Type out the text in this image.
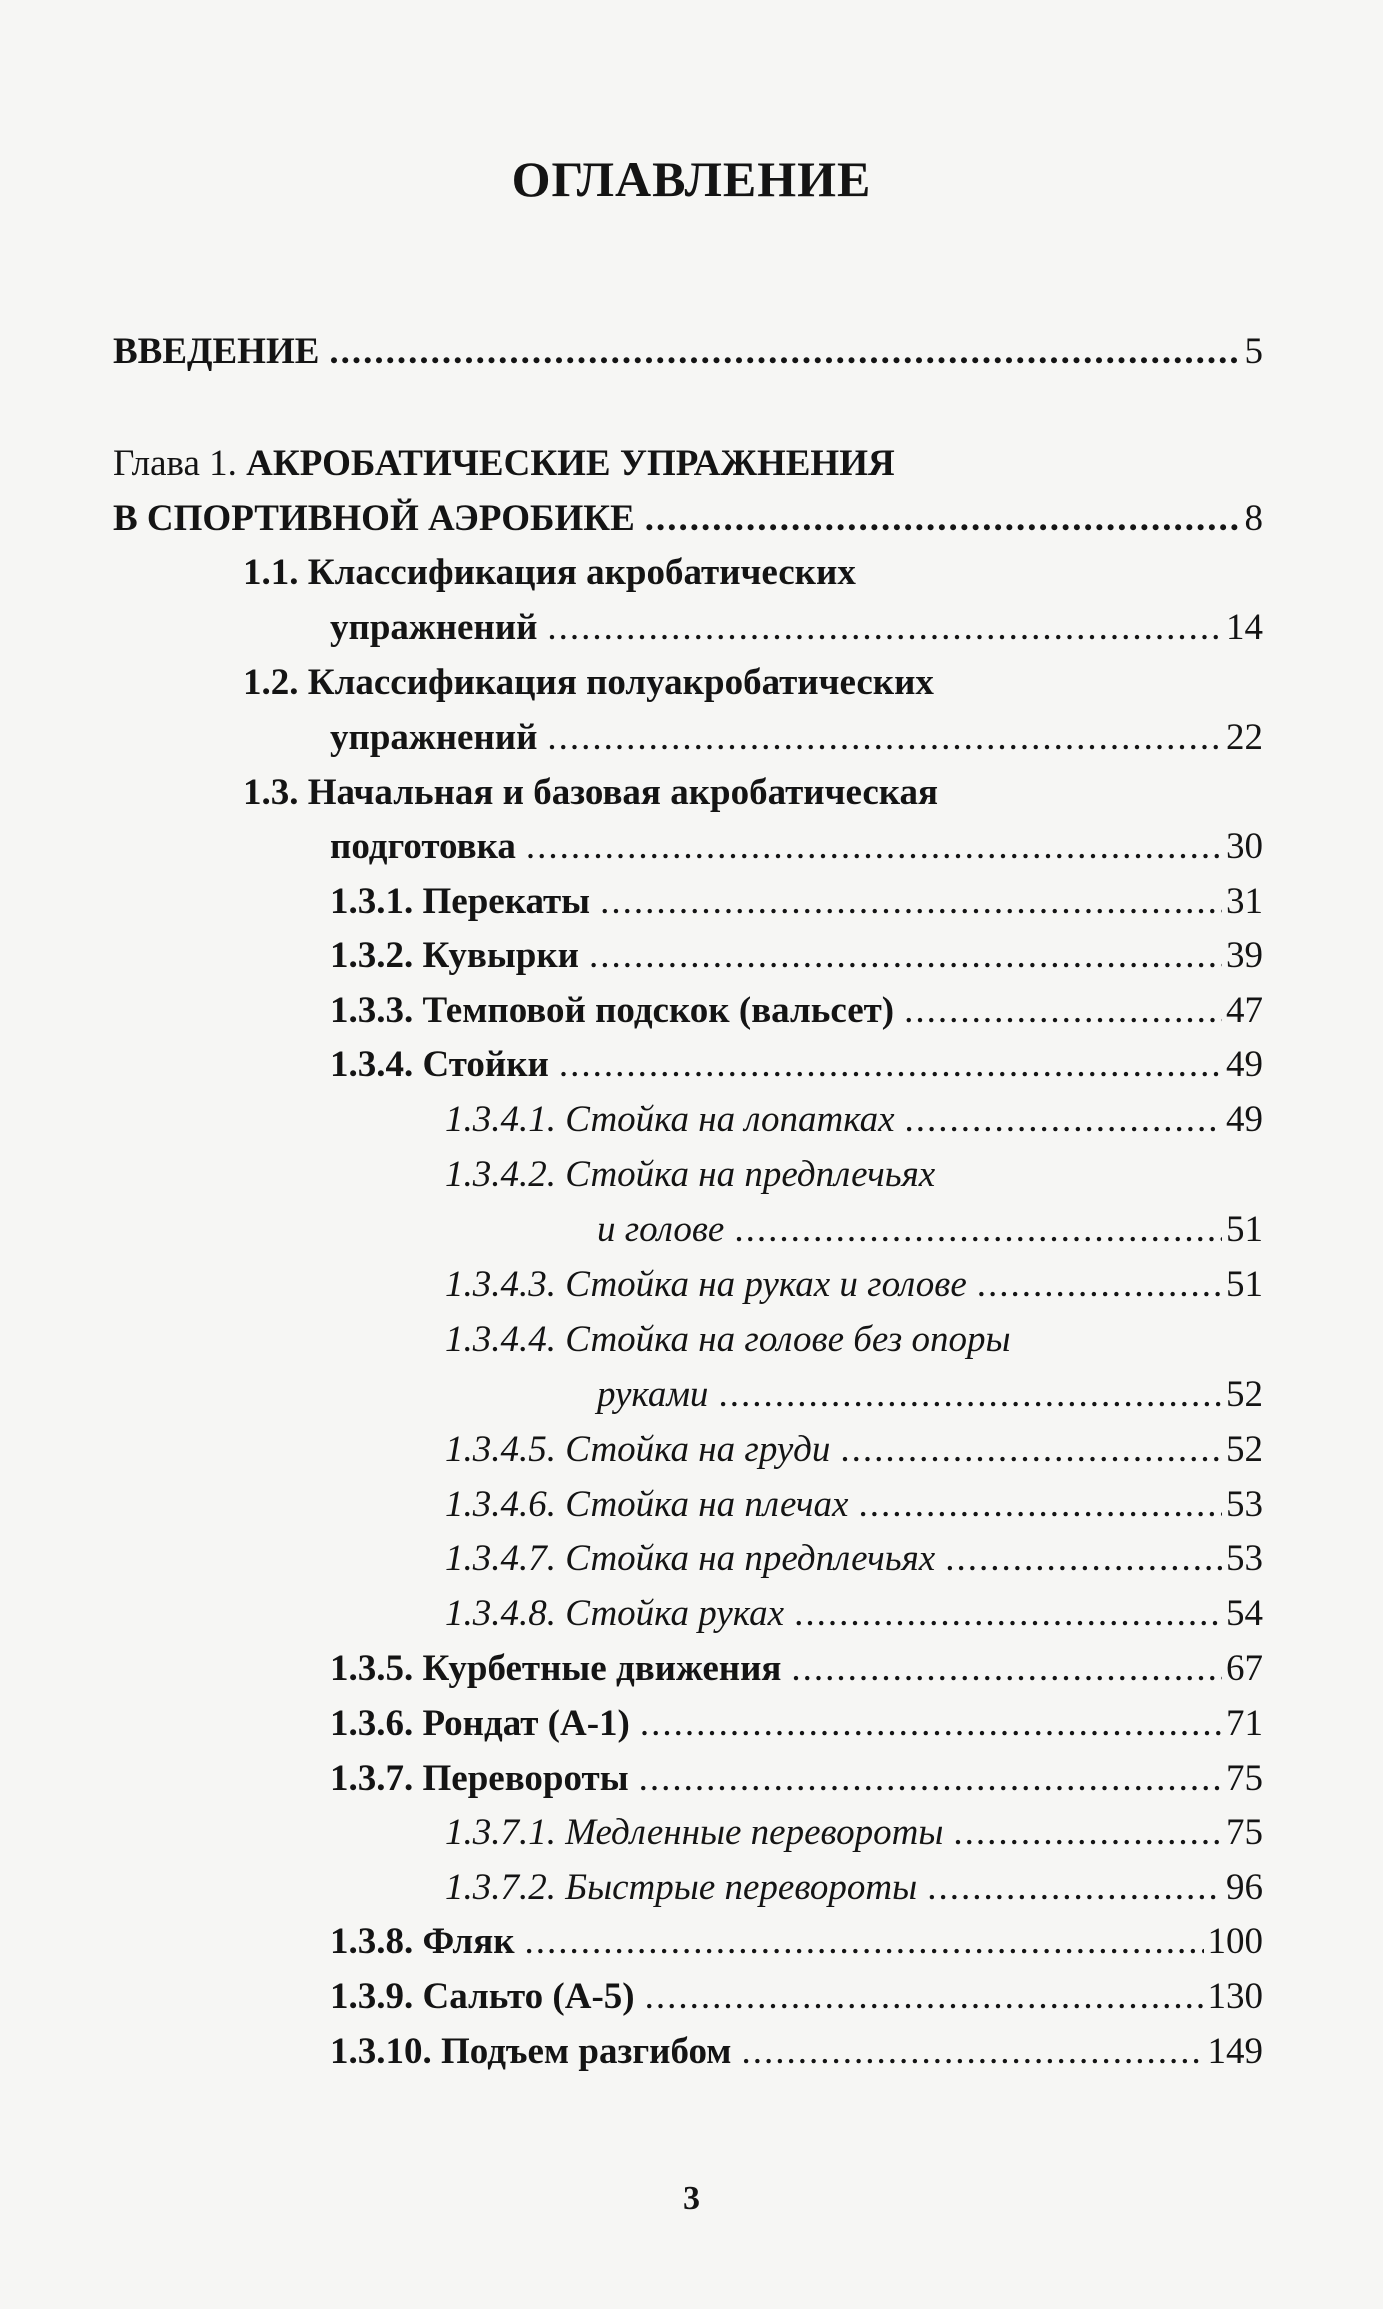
ОГЛАВЛЕНИЕ
ВВЕДЕНИЕ .....	5
Глава 1. АКРОБАТИЧЕСКИЕ УПРАЖНЕНИЯ
В СПОРТИВНОЙ АЭРОБИКЕ .....	8
1.1. Классификация акробатических
упражнений .....	14
1.2. Классификация полуакробатических
упражнений .....	22
1.3. Начальная и базовая акробатическая
подготовка .....	30
1.3.1. Перекаты .....	31
1.3.2. Кувырки .....	39
1.3.3. Темповой подскок (вальсет) .....	47
1.3.4. Стойки .....	49
1.3.4.1. Стойка на лопатках .....	49
1.3.4.2. Стойка на предплечьях
и голове .....	51
1.3.4.3. Стойка на руках и голове .....	51
1.3.4.4. Стойка на голове без опоры
руками .....	52
1.3.4.5. Стойка на груди .....	52
1.3.4.6. Стойка на плечах .....	53
1.3.4.7. Стойка на предплечьях .....	53
1.3.4.8. Стойка руках .....	54
1.3.5. Курбетные движения .....	67
1.3.6. Рондат (А-1) .....	71
1.3.7. Перевороты .....	75
1.3.7.1. Медленные перевороты .....	75
1.3.7.2. Быстрые перевороты .....	96
1.3.8. Фляк .....	100
1.3.9. Сальто (А-5) .....	130
1.3.10. Подъем разгибом .....	149
3
